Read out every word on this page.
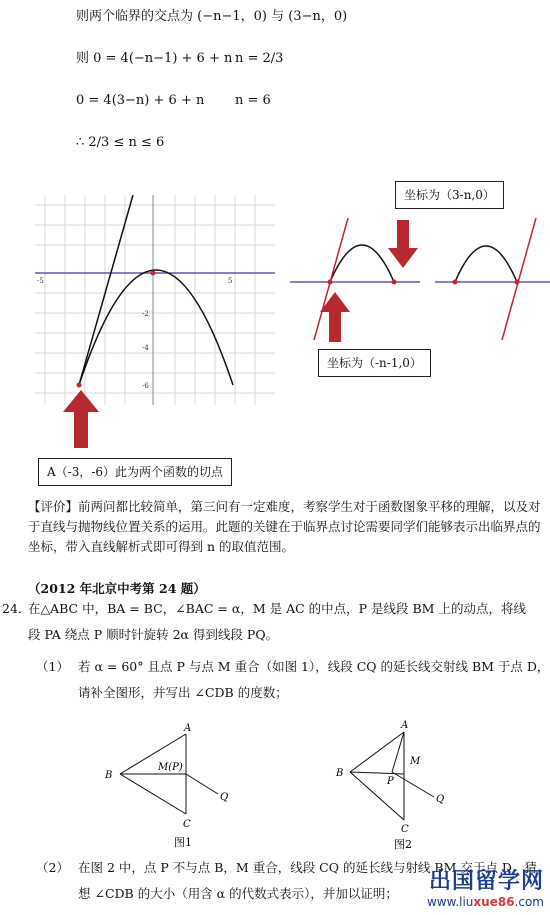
则两个临界的交点为 (−n−1，0) 与 (3−n，0)
则 0 = 4(−n−1) + 6 + n n = 2/3
0 = 4(3−n) + 6 + n n = 6
∴ 2/3 ≤ n ≤ 6
-5	5
-2
-4
-6
A（-3，-6）此为两个函数的切点
坐标为（3-n,0）
坐标为（-n-1,0）
【评价】前两问都比较简单，第三问有一定难度，考察学生对于函数图象平移的理解，以及对于直线与抛物线位置关系的运用。此题的关键在于临界点讨论需要同学们能够表示出临界点的坐标，带入直线解析式即可得到 n 的取值范围。
（2012 年北京中考第 24 题）
24．
在△ABC 中，BA = BC，∠BAC = α，M 是 AC 的中点，P 是线段 BM 上的动点，将线
段 PA 绕点 P 顺时针旋转 2α 得到线段 PQ。
（1） 若 α = 60° 且点 P 与点 M 重合（如图 1），线段 CQ 的延长线交射线 BM 于点 D，
请补全图形，并写出 ∠CDB 的度数；
B
A
C
M(P)
Q
图1
B
A
C
M
P
Q
图2
（2） 在图 2 中，点 P 不与点 B，M 重合，线段 CQ 的延长线与射线 BM 交于点 D，猜
想 ∠CDB 的大小（用含 α 的代数式表示），并加以证明； 出国留学网
www.liuxue86.com
